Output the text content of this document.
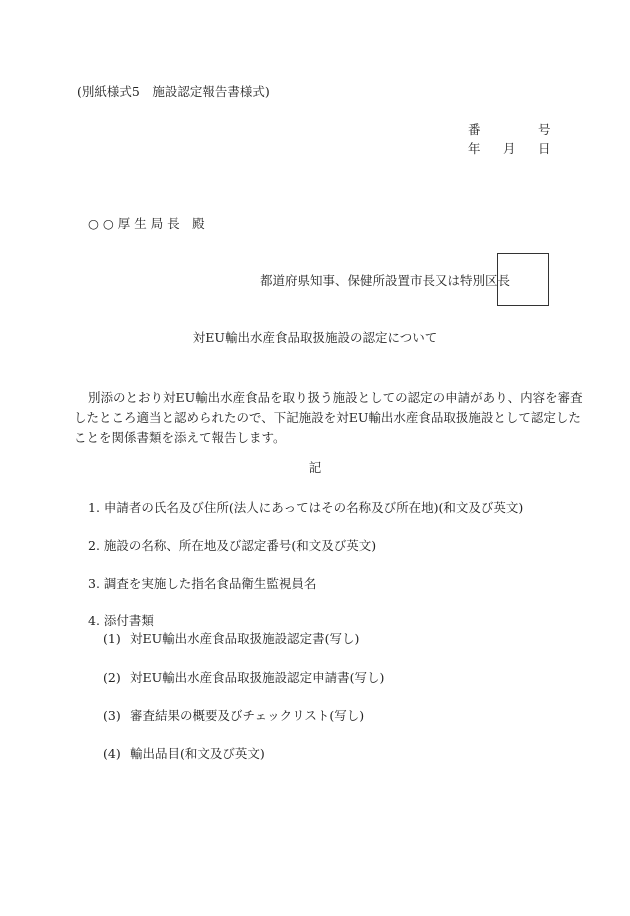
(別紙様式5　施設認定報告書様式)
番	号
年 月 日
○ ○ 厚 生 局 長　殿
都道府県知事、保健所設置市長又は特別区長
対EU輸出水産食品取扱施設の認定について
別添のとおり対EU輸出水産食品を取り扱う施設としての認定の申請があり、内容を審査
したところ適当と認められたので、下記施設を対EU輸出水産食品取扱施設として認定した
ことを関係書類を添えて報告します。
記
1. 申請者の氏名及び住所(法人にあってはその名称及び所在地)(和文及び英文)
2. 施設の名称、所在地及び認定番号(和文及び英文)
3. 調査を実施した指名食品衛生監視員名
4. 添付書類
(1) 対EU輸出水産食品取扱施設認定書(写し)
(2) 対EU輸出水産食品取扱施設認定申請書(写し)
(3) 審査結果の概要及びチェックリスト(写し)
(4) 輸出品目(和文及び英文)
